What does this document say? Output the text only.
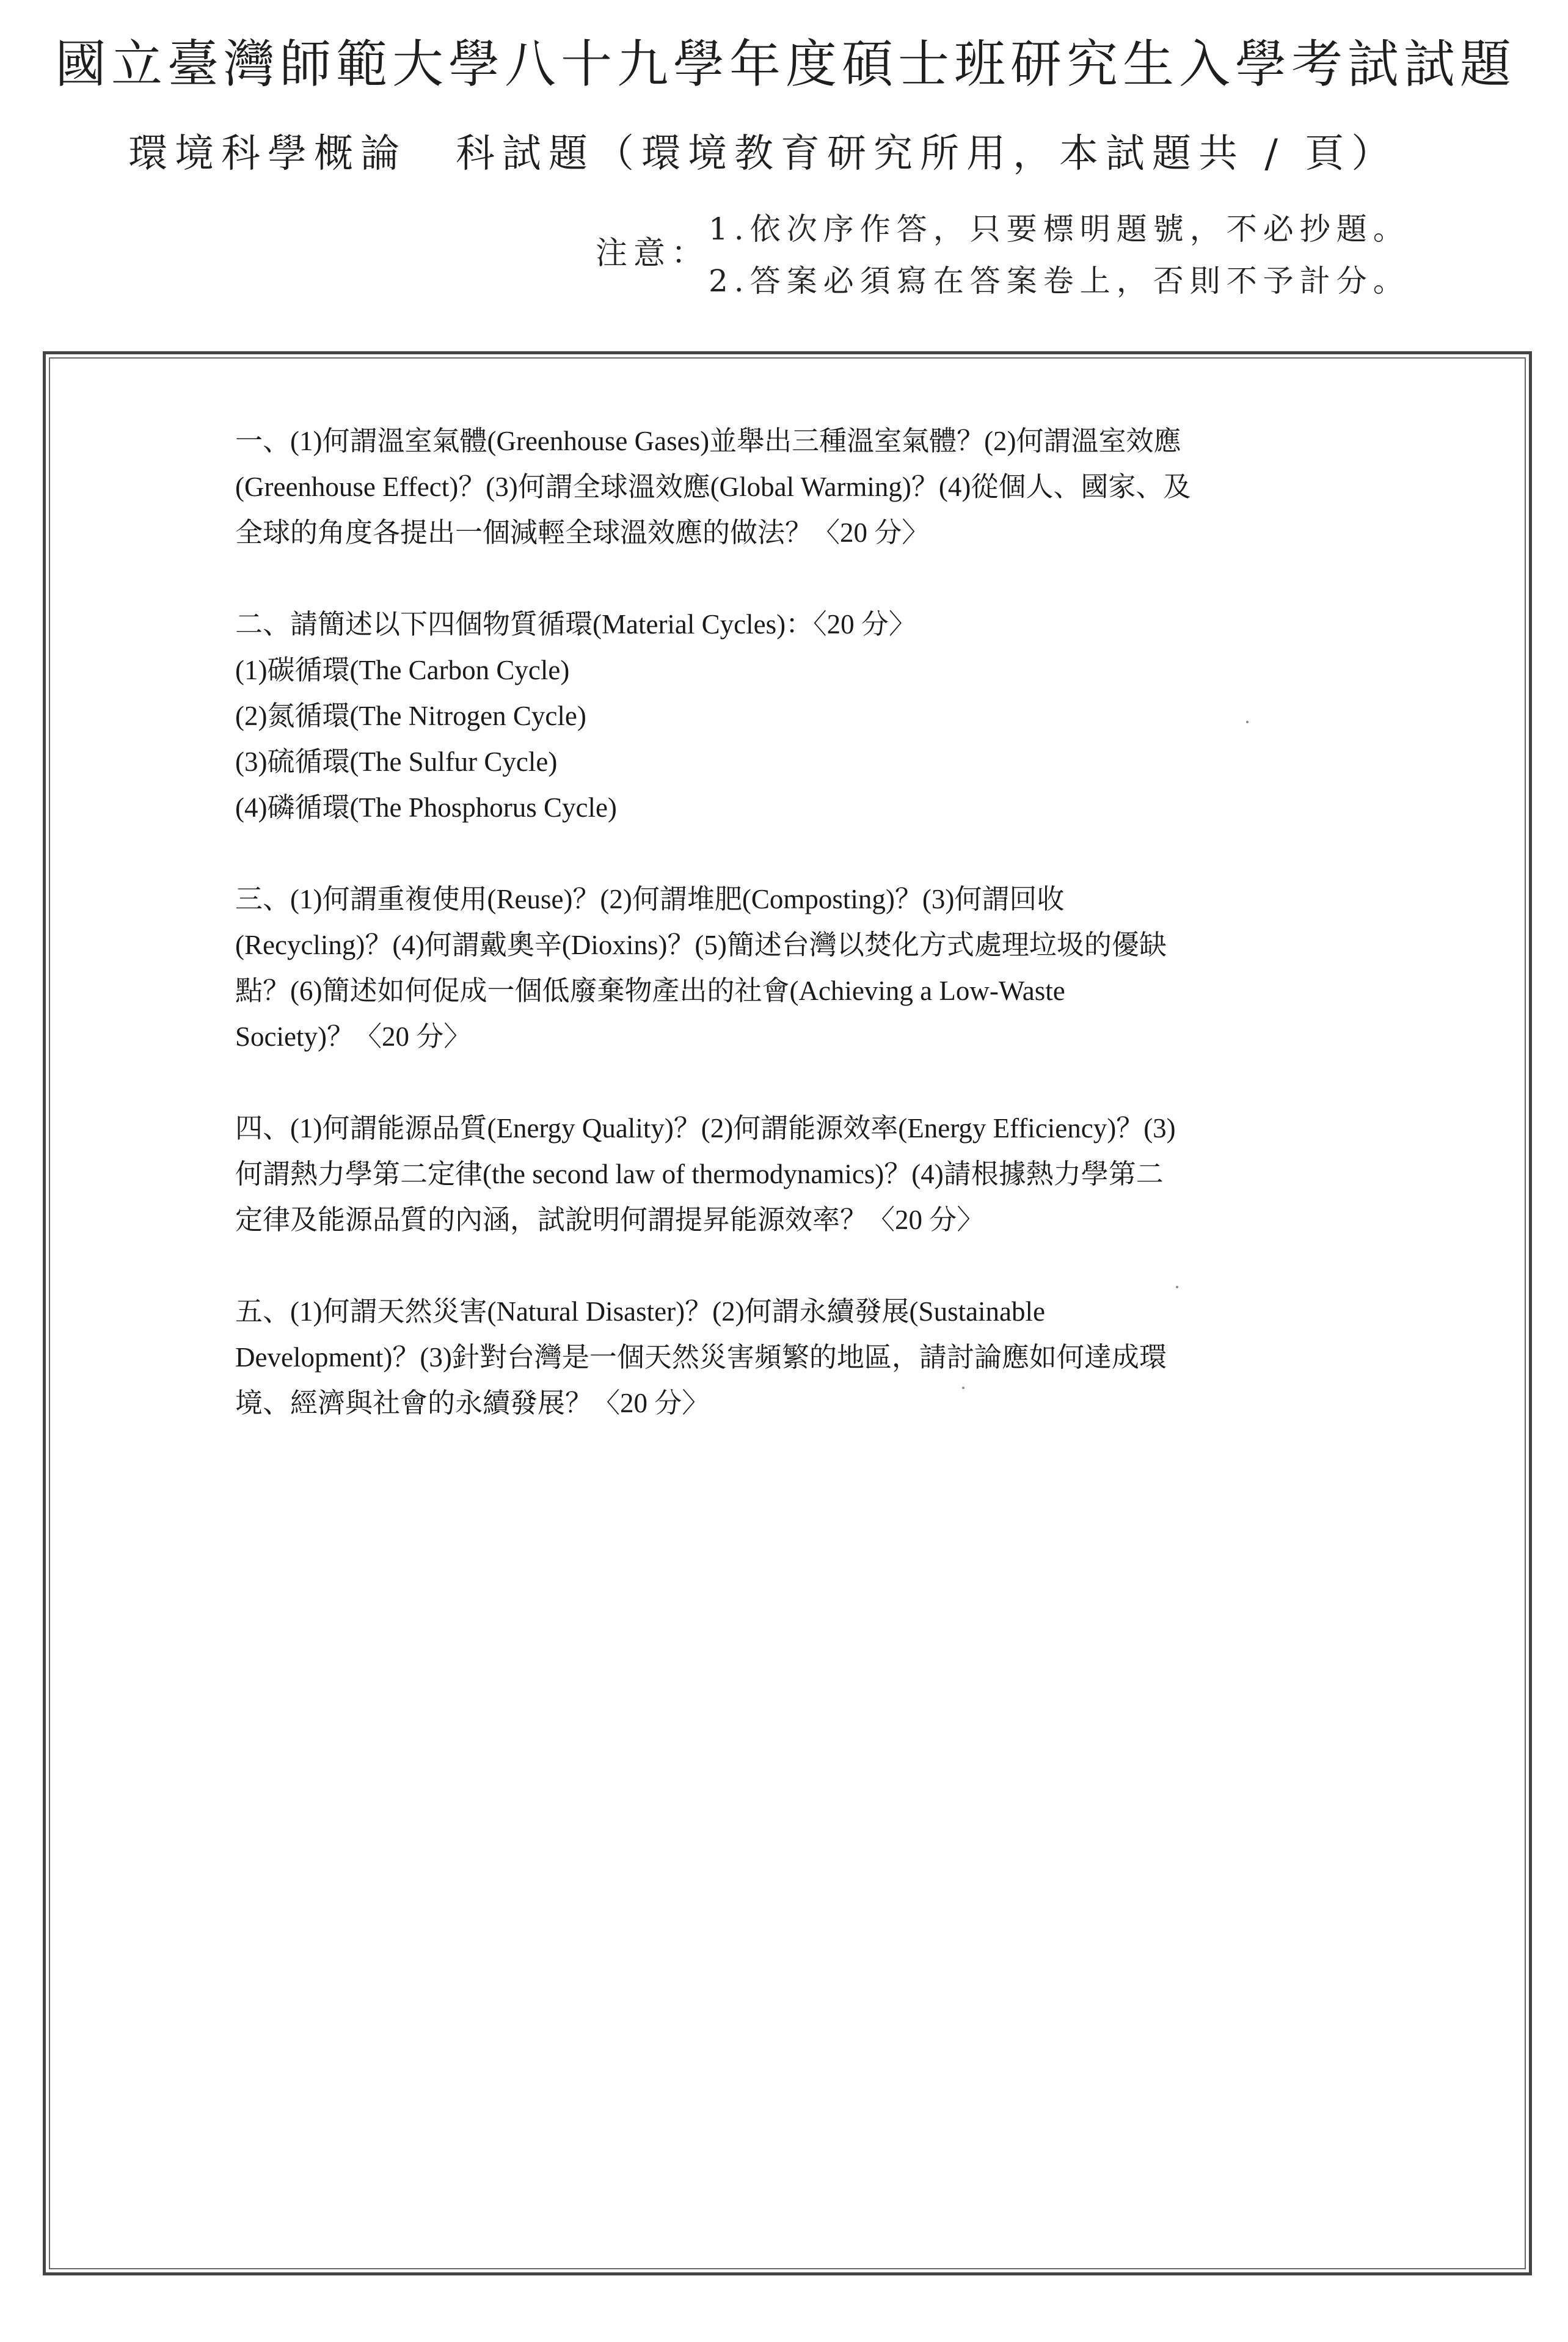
國立臺灣師範大學八十九學年度碩士班研究生入學考試試題
環境科學概論 科試題（環境教育研究所用，本試題共 / 頁）
注意：
1.依次序作答，只要標明題號，不必抄題。
2.答案必須寫在答案卷上，否則不予計分。

一、(1)何謂溫室氣體(Greenhouse Gases)並舉出三種溫室氣體？(2)何謂溫室效應

(Greenhouse Effect)？(3)何謂全球溫效應(Global Warming)？(4)從個人、國家、及

全球的角度各提出一個減輕全球溫效應的做法？〈20 分〉

二、請簡述以下四個物質循環(Material Cycles)：〈20 分〉

(1)碳循環(The Carbon Cycle)

(2)氮循環(The Nitrogen Cycle)

(3)硫循環(The Sulfur Cycle)

(4)磷循環(The Phosphorus Cycle)

三、(1)何謂重複使用(Reuse)？(2)何謂堆肥(Composting)？(3)何謂回收

(Recycling)？(4)何謂戴奧辛(Dioxins)？(5)簡述台灣以焚化方式處理垃圾的優缺

點？(6)簡述如何促成一個低廢棄物產出的社會(Achieving a Low-Waste

Society)？〈20 分〉

四、(1)何謂能源品質(Energy Quality)？(2)何謂能源效率(Energy Efficiency)？(3)

何謂熱力學第二定律(the second law of thermodynamics)？(4)請根據熱力學第二

定律及能源品質的內涵，試說明何謂提昇能源效率？〈20 分〉

五、(1)何謂天然災害(Natural Disaster)？(2)何謂永續發展(Sustainable

Development)？(3)針對台灣是一個天然災害頻繁的地區，請討論應如何達成環

境、經濟與社會的永續發展？〈20 分〉
